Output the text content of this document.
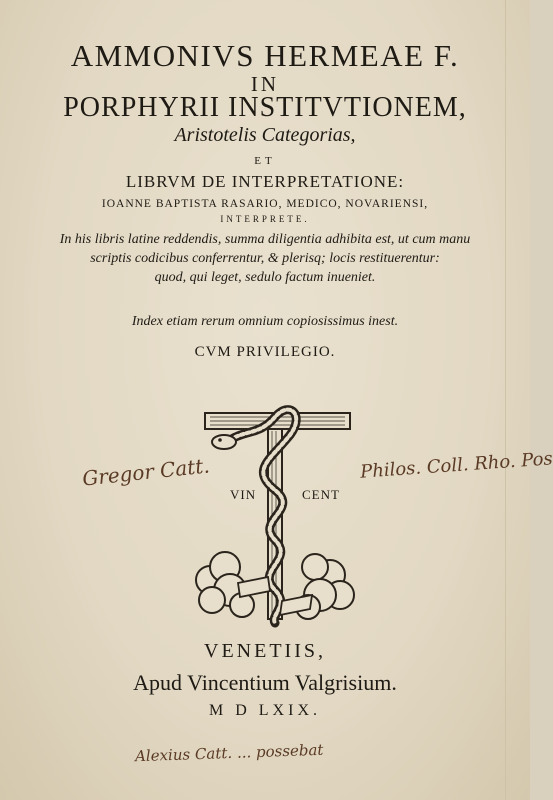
AMMONIVS HERMEAE F.
IN
PORPHYRII INSTITVTIONEM,
Aristotelis Categorias,
ET
LIBRVM DE INTERPRETATIONE:
IOANNE BAPTISTA RASARIO, MEDICO, NOVARIENSI,
INTERPRETE.
In his libris latine reddendis, summa diligentia adhibita est, ut cum manu
scriptis codicibus conferrentur, & plerisq; locis restituerentur:
quod, qui leget, sedulo factum inueniet.
Index etiam rerum omnium copiosissimus inest.
CVM PRIVILEGIO.
Gregor Catt.	Philos. Coll. Rho. Pos
VIN	CENT
VENETIIS,
Apud Vincentium Valgrisium.
M D LXIX.
Alexius Catt. ... possebat
